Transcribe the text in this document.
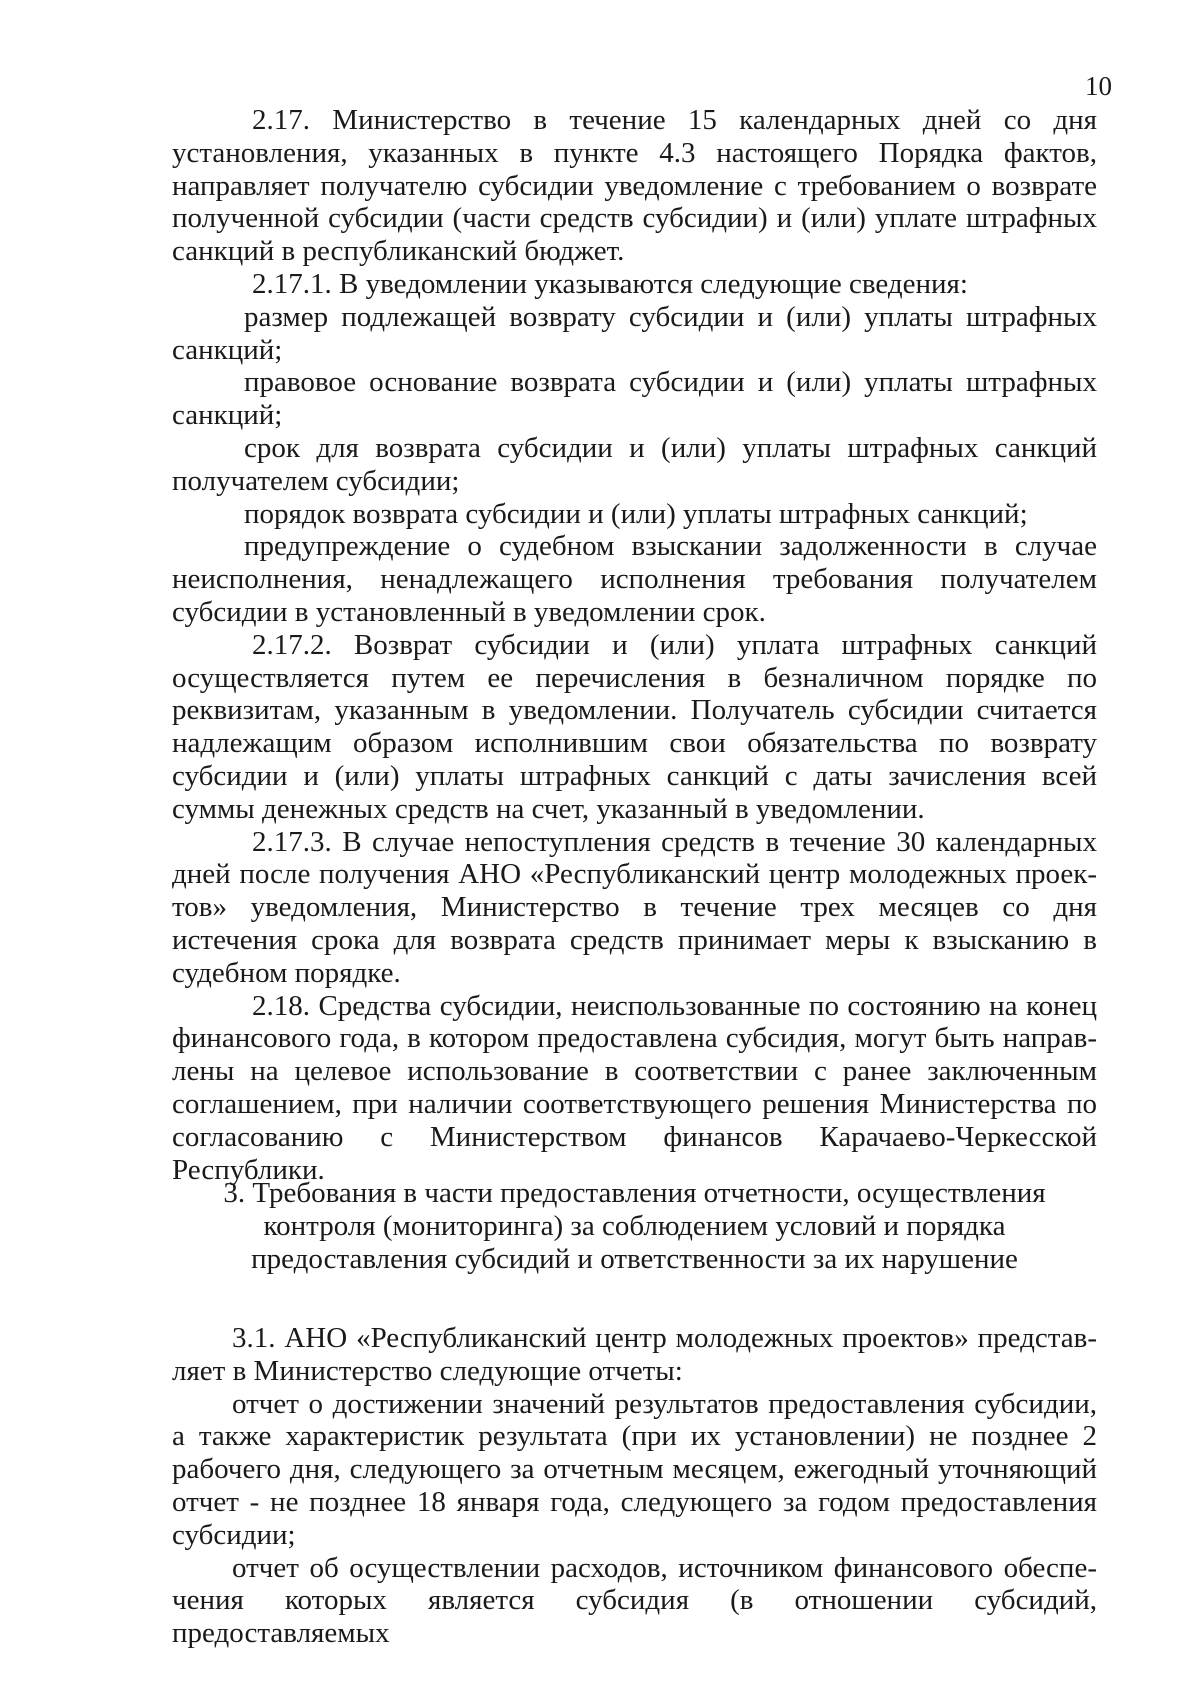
10

2.17. Министерство в течение 15 календарных дней со дня установления, указанных в пункте 4.3 настоящего Порядка фактов, направляет получателю субсидии уведомление с требованием о возврате полученной субсидии (части средств субсидии) и (или) уплате штрафных санкций в республиканский бюджет.

2.17.1. В уведомлении указываются следующие сведения:

размер подлежащей возврату субсидии и (или) уплаты штрафных санкций;

правовое основание возврата субсидии и (или) уплаты штрафных санкций;

срок для возврата субсидии и (или) уплаты штрафных санкций получателем субсидии;

порядок возврата субсидии и (или) уплаты штрафных санкций;

предупреждение о судебном взыскании задолженности в случае неисполнения, ненадлежащего исполнения требования получателем субсидии в установленный в уведомлении срок.

2.17.2. Возврат субсидии и (или) уплата штрафных санкций осуществляется путем ее перечисления в безналичном порядке по реквизитам, указанным в уведомлении. Получатель субсидии считается надлежащим образом исполнившим свои обязательства по возврату субсидии и (или) уплаты штрафных санкций с даты зачисления всей суммы денежных средств на счет, указанный в уведомлении.

2.17.3. В случае непоступления средств в течение 30 календарных дней после получения АНО «Республиканский центр молодежных проектов» уведомления, Министерство в течение трех месяцев со дня истечения срока для возврата средств принимает меры к взысканию в судебном порядке.

2.18. Средства субсидии, неиспользованные по состоянию на конец финансового года, в котором предоставлена субсидия, могут быть направлены на целевое использование в соответствии с ранее заключенным соглашением, при наличии соответствующего решения Министерства по согласованию с Министерством финансов Карачаево-Черкесской Республики.

3. Требования в части предоставления отчетности, осуществления
контроля (мониторинга) за соблюдением условий и порядка
предоставления субсидий и ответственности за их нарушение

3.1. АНО «Республиканский центр молодежных проектов» представляет в Министерство следующие отчеты:

отчет о достижении значений результатов предоставления субсидии, а также характеристик результата (при их установлении) не позднее 2 рабочего дня, следующего за отчетным месяцем, ежегодный уточняющий отчет - не позднее 18 января года, следующего за годом предоставления субсидии;

отчет об осуществлении расходов, источником финансового обеспечения которых является субсидия (в отношении субсидий, предоставляемых
